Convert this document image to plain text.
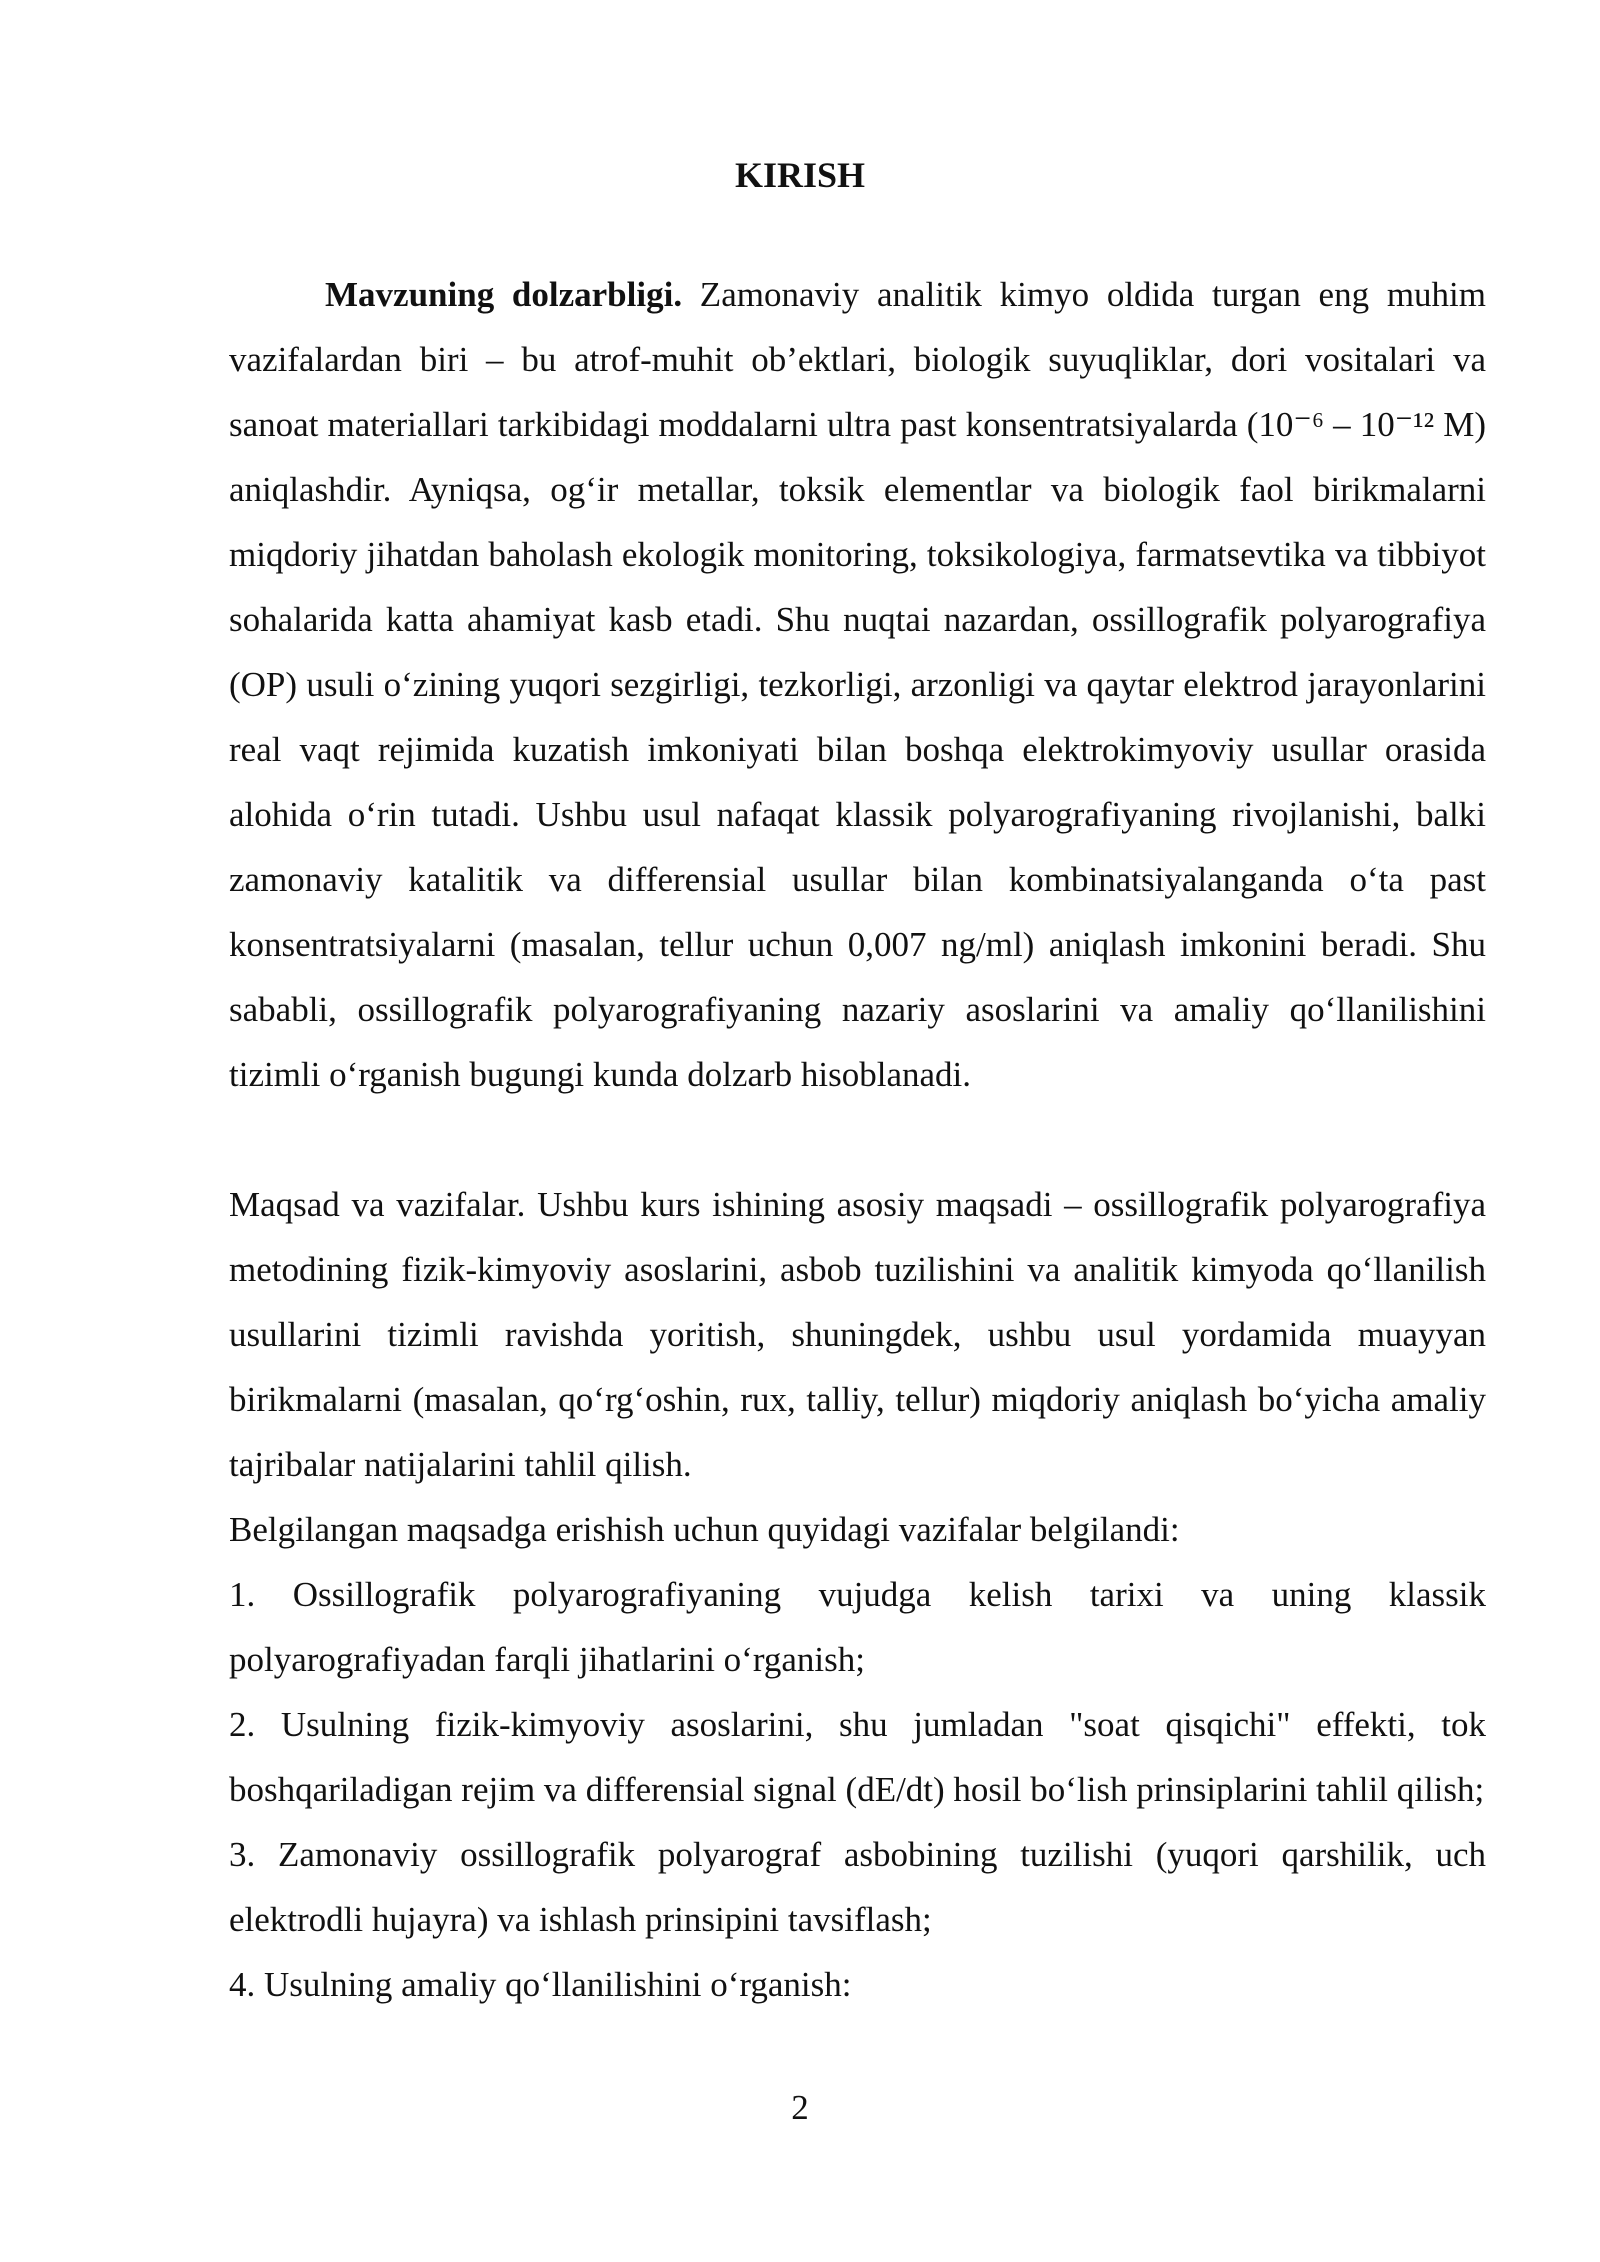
KIRISH

Mavzuning dolzarbligi. Zamonaviy analitik kimyo oldida turgan eng muhim vazifalardan biri – bu atrof-muhit ob’ektlari, biologik suyuqliklar, dori vositalari va sanoat materiallari tarkibidagi moddalarni ultra past konsentratsiyalarda (10⁻⁶ – 10⁻¹² M) aniqlashdir. Ayniqsa, og‘ir metallar, toksik elementlar va biologik faol birikmalarni miqdoriy jihatdan baholash ekologik monitoring, toksikologiya, farmatsevtika va tibbiyot sohalarida katta ahamiyat kasb etadi. Shu nuqtai nazardan, ossillografik polyarografiya (OP) usuli o‘zining yuqori sezgirligi, tezkorligi, arzonligi va qaytar elektrod jarayonlarini real vaqt rejimida kuzatish imkoniyati bilan boshqa elektrokimyoviy usullar orasida alohida o‘rin tutadi. Ushbu usul nafaqat klassik polyarografiyaning rivojlanishi, balki zamonaviy katalitik va differensial usullar bilan kombinatsiyalanganda o‘ta past konsentratsiyalarni (masalan, tellur uchun 0,007 ng/ml) aniqlash imkonini beradi. Shu sababli, ossillografik polyarografiyaning nazariy asoslarini va amaliy qo‘llanilishini tizimli o‘rganish bugungi kunda dolzarb hisoblanadi.

Maqsad va vazifalar. Ushbu kurs ishining asosiy maqsadi – ossillografik polyarografiya metodining fizik-kimyoviy asoslarini, asbob tuzilishini va analitik kimyoda qo‘llanilish usullarini tizimli ravishda yoritish, shuningdek, ushbu usul yordamida muayyan birikmalarni (masalan, qo‘rg‘oshin, rux, talliy, tellur) miqdoriy aniqlash bo‘yicha amaliy tajribalar natijalarini tahlil qilish.

Belgilangan maqsadga erishish uchun quyidagi vazifalar belgilandi:

1. Ossillografik polyarografiyaning vujudga kelish tarixi va uning klassik polyarografiyadan farqli jihatlarini o‘rganish;

2. Usulning fizik-kimyoviy asoslarini, shu jumladan "soat qisqichi" effekti, tok boshqariladigan rejim va differensial signal (dE/dt) hosil bo‘lish prinsiplarini tahlil qilish;

3. Zamonaviy ossillografik polyarograf asbobining tuzilishi (yuqori qarshilik, uch elektrodli hujayra) va ishlash prinsipini tavsiflash;

4. Usulning amaliy qo‘llanilishini o‘rganish:

2
